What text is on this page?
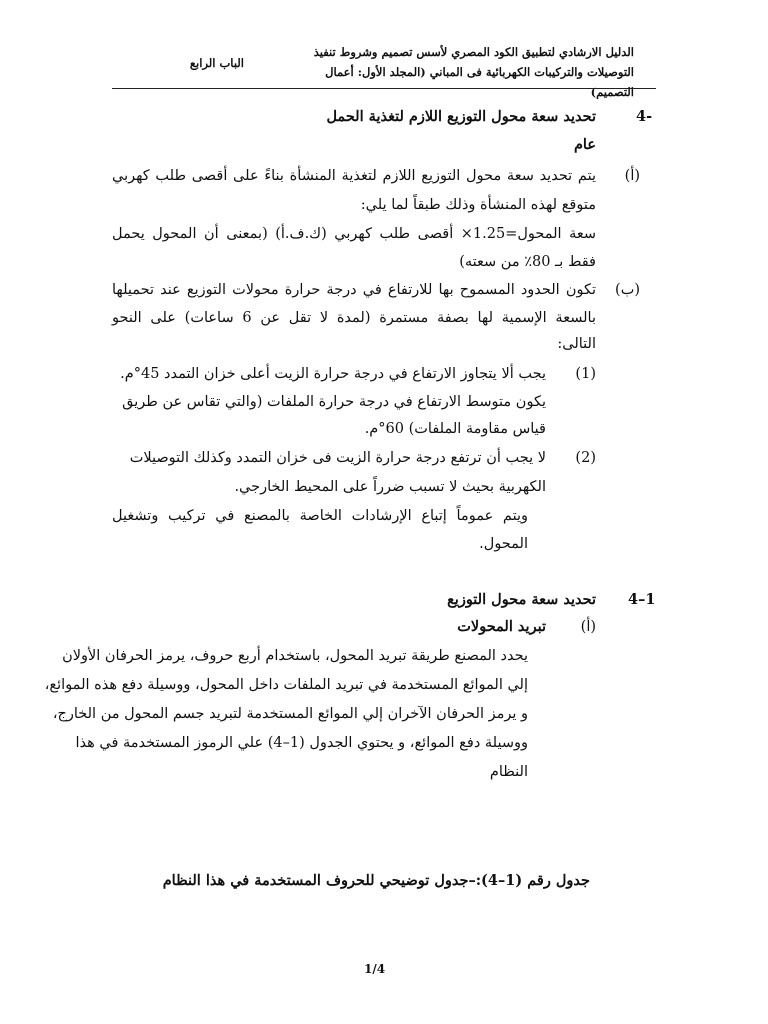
الدليل الارشادي لتطبيق الكود المصري لأسس تصميم وشروط تنفيذ
التوصيلات والتركيبات الكهربائية فى المباني (المجلد الأول: أعمال التصميم)
الباب الرابع
4-
تحديد سعة محول التوزيع اللازم لتغذية الحمل
عام
(أ)
يتم تحديد سعة محول التوزيع اللازم لتغذية المنشأة بناءً على أقصى طلب كهربي
متوقع لهذه المنشأة وذلك طبقاً لما يلي:
سعة المحول=1.25× أقصى طلب كهربي (ك.ف.أ) (بمعنى أن المحول يحمل
فقط بـ 80٪ من سعته)
(ب)
تكون الحدود المسموح بها للارتفاع في درجة حرارة محولات التوزيع عند تحميلها
بالسعة الإسمية لها بصفة مستمرة (لمدة لا تقل عن 6 ساعات) على النحو
التالى:
(1)
يجب ألا يتجاوز الارتفاع في درجة حرارة الزيت أعلى خزان التمدد 45°م.
يكون متوسط الارتفاع في درجة حرارة الملفات (والتي تقاس عن طريق
قياس مقاومة الملفات) 60°م.
(2)
لا يجب أن ترتفع درجة حرارة الزيت فى خزان التمدد وكذلك التوصيلات
الكهربية بحيث لا تسبب ضرراً على المحيط الخارجي.
ويتم عموماً إتباع الإرشادات الخاصة بالمصنع في تركيب وتشغيل
المحول.
4–1
تحديد سعة محول التوزيع
(أ)
تبريد المحولات
يحدد المصنع طريقة تبريد المحول، باستخدام أربع حروف، يرمز الحرفان الأولان
إلي الموائع المستخدمة في تبريد الملفات داخل المحول، ووسيلة دفع هذه الموائع،
و يرمز الحرفان الآخران إلي الموائع المستخدمة لتبريد جسم المحول من الخارج،
ووسيلة دفع الموائع، و يحتوي الجدول (1–4) علي الرموز المستخدمة في هذا
النظام
جدول رقم (1–4):–جدول توضيحي للحروف المستخدمة في هذا النظام
1/4
